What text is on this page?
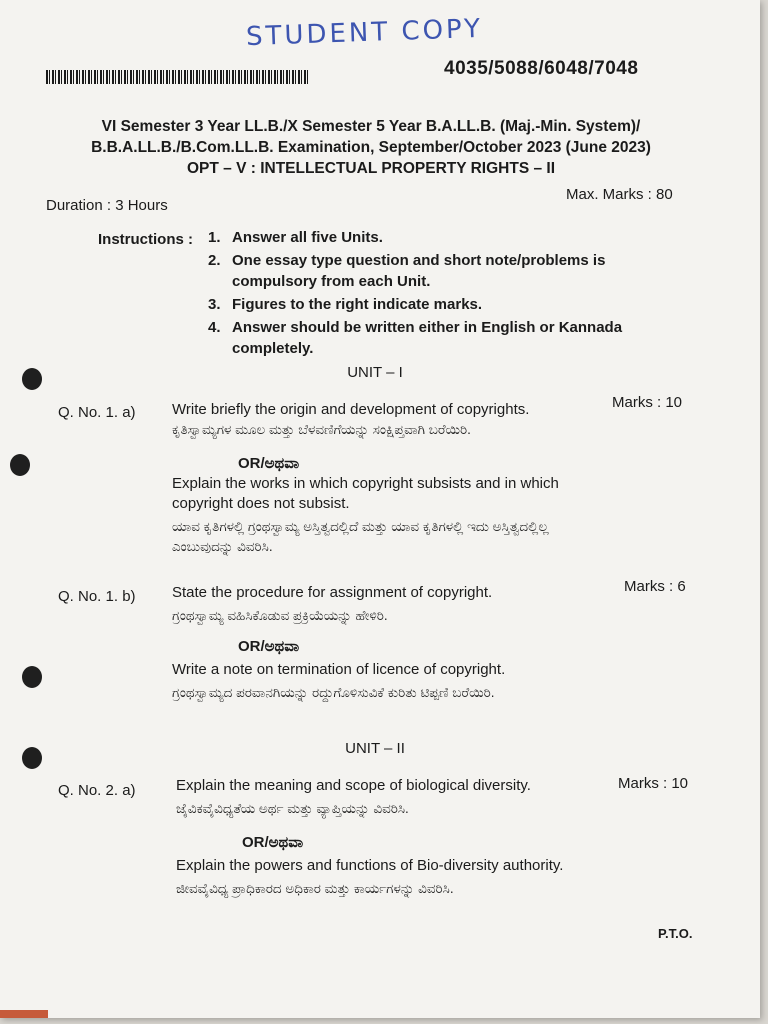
STUDENT COPY
4035/5088/6048/7048
VI Semester 3 Year LL.B./X Semester 5 Year B.A.LL.B. (Maj.-Min. System)/
B.B.A.LL.B./B.Com.LL.B. Examination, September/October 2023 (June 2023)
OPT – V : INTELLECTUAL PROPERTY RIGHTS – II
Duration : 3 Hours
Max. Marks : 80
Instructions : 1. Answer all five Units.
2. One essay type question and short note/problems is compulsory from each Unit.
3. Figures to the right indicate marks.
4. Answer should be written either in English or Kannada completely.
UNIT – I
Q. No. 1. a)
Marks : 10
Write briefly the origin and development of copyrights.
ಕೃತಿಸ್ವಾಮ್ಯಗಳ ಮೂಲ ಮತ್ತು ಬೆಳವಣಿಗೆಯನ್ನು ಸಂಕ್ಷಿಪ್ತವಾಗಿ ಬರೆಯಿರಿ.
OR/ಅಥವಾ
Explain the works in which copyright subsists and in which copyright does not subsist.
ಯಾವ ಕೃತಿಗಳಲ್ಲಿ ಗ್ರಂಥಸ್ವಾಮ್ಯ ಅಸ್ತಿತ್ವದಲ್ಲಿದೆ ಮತ್ತು ಯಾವ ಕೃತಿಗಳಲ್ಲಿ ಇದು ಅಸ್ತಿತ್ವದಲ್ಲಿಲ್ಲ ಎಂಬುವುದನ್ನು ವಿವರಿಸಿ.
Q. No. 1. b)
Marks : 6
State the procedure for assignment of copyright.
ಗ್ರಂಥಸ್ವಾಮ್ಯ ವಹಿಸಿಕೊಡುವ ಪ್ರಕ್ರಿಯೆಯನ್ನು ಹೇಳಿರಿ.
OR/ಅಥವಾ
Write a note on termination of licence of copyright.
ಗ್ರಂಥಸ್ವಾಮ್ಯದ ಪರವಾನಗಿಯನ್ನು ರದ್ದುಗೊಳಿಸುವಿಕೆ ಕುರಿತು ಟಿಪ್ಪಣಿ ಬರೆಯಿರಿ.
UNIT – II
Q. No. 2. a)	Marks : 10
Explain the meaning and scope of biological diversity.
ಜೈವಿಕವೈವಿಧ್ಯತೆಯ ಅರ್ಥ ಮತ್ತು ವ್ಯಾಪ್ತಿಯನ್ನು ವಿವರಿಸಿ.
OR/ಅಥವಾ
Explain the powers and functions of Bio-diversity authority.
ಜೀವವೈವಿಧ್ಯ ಪ್ರಾಧಿಕಾರದ ಅಧಿಕಾರ ಮತ್ತು ಕಾರ್ಯಗಳನ್ನು ವಿವರಿಸಿ.
P.T.O.
